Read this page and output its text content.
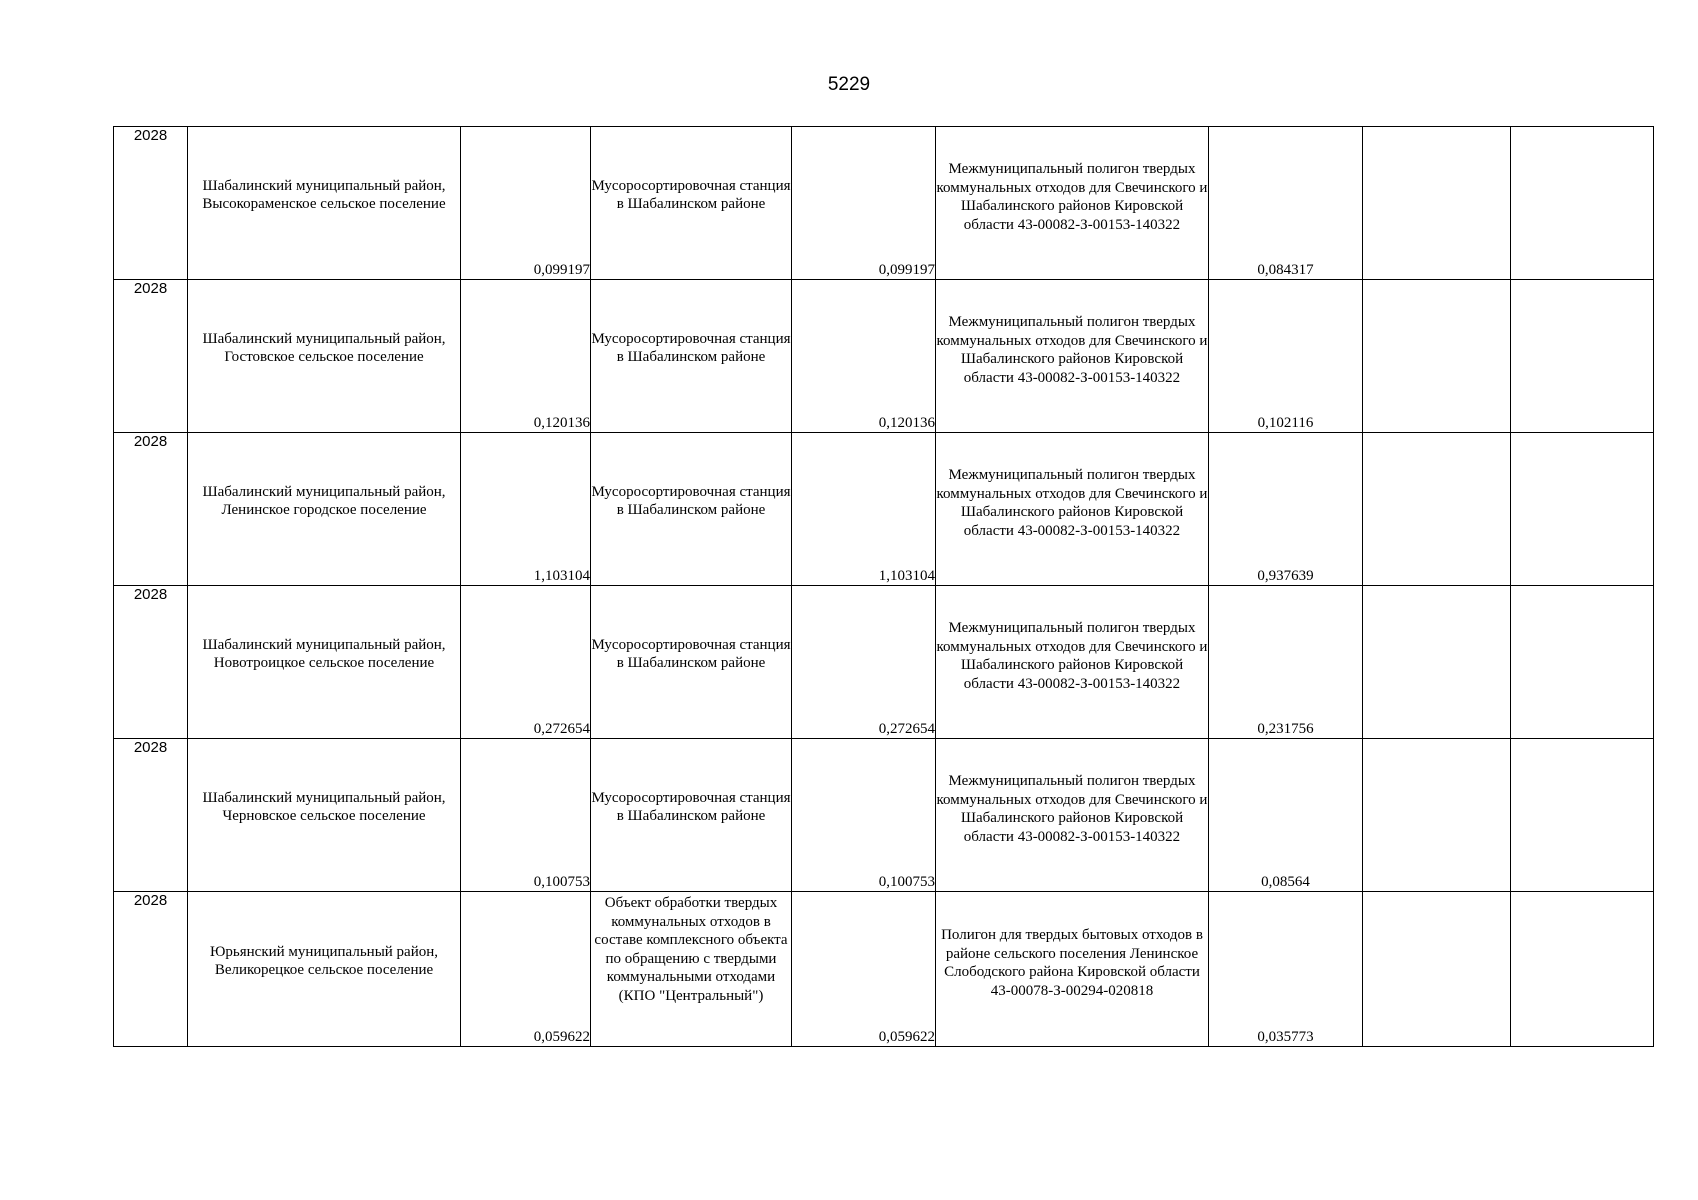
5229
2028	Шабалинский муниципальный район, Высокораменское сельское поселение	0,099197	Мусоросортировочная станция в Шабалинском районе	0,099197	Межмуниципальный полигон твердых коммунальных отходов для Свечинского и Шабалинского районов Кировской области 43-00082-З-00153-140322	0,084317		
2028	Шабалинский муниципальный район, Гостовское сельское поселение	0,120136	Мусоросортировочная станция в Шабалинском районе	0,120136	Межмуниципальный полигон твердых коммунальных отходов для Свечинского и Шабалинского районов Кировской области 43-00082-З-00153-140322	0,102116		
2028	Шабалинский муниципальный район, Ленинское городское поселение	1,103104	Мусоросортировочная станция в Шабалинском районе	1,103104	Межмуниципальный полигон твердых коммунальных отходов для Свечинского и Шабалинского районов Кировской области 43-00082-З-00153-140322	0,937639		
2028	Шабалинский муниципальный район, Новотроицкое сельское поселение	0,272654	Мусоросортировочная станция в Шабалинском районе	0,272654	Межмуниципальный полигон твердых коммунальных отходов для Свечинского и Шабалинского районов Кировской области 43-00082-З-00153-140322	0,231756		
2028	Шабалинский муниципальный район, Черновское сельское поселение	0,100753	Мусоросортировочная станция в Шабалинском районе	0,100753	Межмуниципальный полигон твердых коммунальных отходов для Свечинского и Шабалинского районов Кировской области 43-00082-З-00153-140322	0,08564		
2028	Юрьянский муниципальный район, Великорецкое сельское поселение	0,059622	Объект обработки твердых коммунальных отходов в составе комплексного объекта по обращению с твердыми коммунальными отходами (КПО "Центральный")	0,059622	Полигон для твердых бытовых отходов в районе сельского поселения Ленинское Слободского района Кировской области 43-00078-З-00294-020818	0,035773		
